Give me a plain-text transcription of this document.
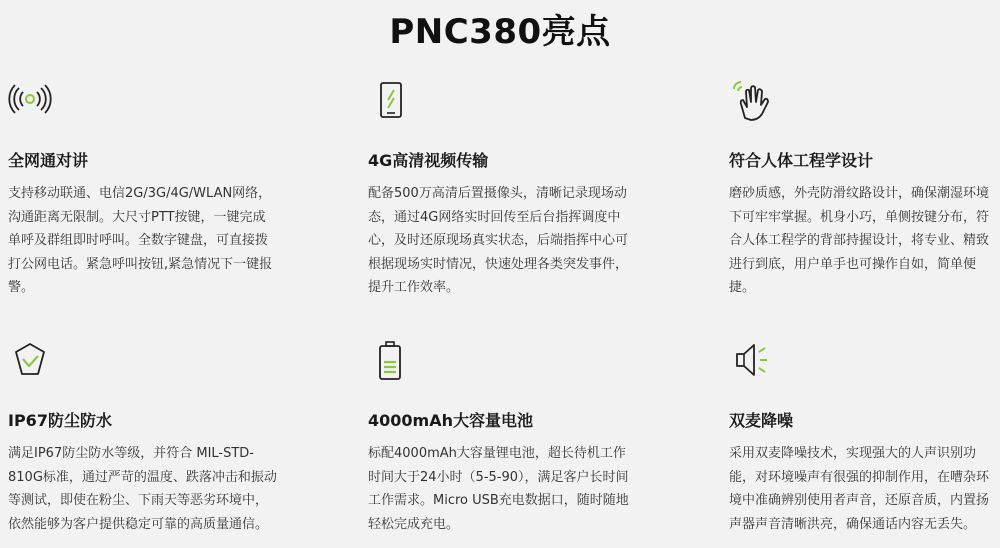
PNC380亮点
全网通对讲
支持移动联通、电信2G/3G/4G/WLAN网络，沟通距离无限制。大尺寸PTT按键，一键完成单呼及群组即时呼叫。全数字键盘，可直接拨打公网电话。紧急呼叫按钮,紧急情况下一键报警。
4G高清视频传输
配备500万高清后置摄像头，清晰记录现场动态，通过4G网络实时回传至后台指挥调度中心，及时还原现场真实状态，后端指挥中心可根据现场实时情况，快速处理各类突发事件，提升工作效率。
符合人体工程学设计
磨砂质感，外壳防滑纹路设计，确保潮湿环境下可牢牢掌握。机身小巧，单侧按键分布，符合人体工程学的背部持握设计，将专业、精致进行到底，用户单手也可操作自如，简单便捷。
IP67防尘防水
满足IP67防尘防水等级，并符合 MIL-STD-810G标准，通过严苛的温度、跌落冲击和振动等测试，即使在粉尘、下雨天等恶劣环境中，依然能够为客户提供稳定可靠的高质量通信。
4000mAh大容量电池
标配4000mAh大容量锂电池，超长待机工作时间大于24小时（5-5-90），满足客户长时间工作需求。Micro USB充电数据口，随时随地轻松完成充电。
双麦降噪
采用双麦降噪技术，实现强大的人声识别功能，对环境噪声有很强的抑制作用，在嘈杂环境中准确辨别使用者声音，还原音质，内置扬声器声音清晰洪亮，确保通话内容无丢失。
